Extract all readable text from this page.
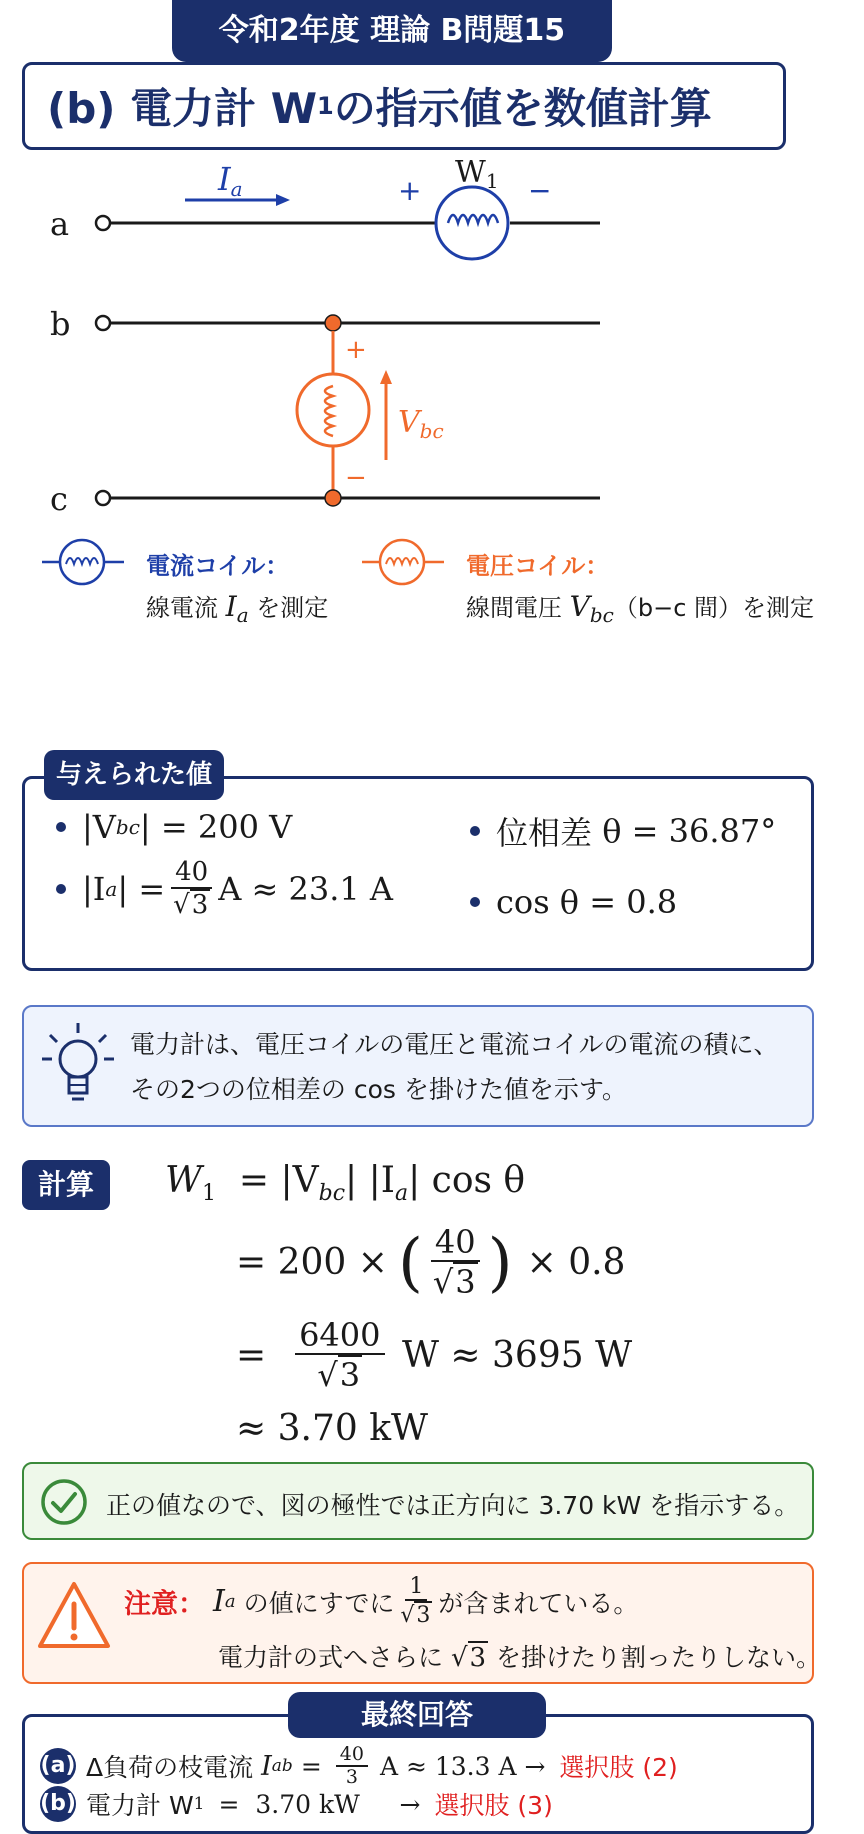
令和2年度 理論 B問題15
(b) 電力計 W 1 の指示値を数値計算
a
Ia	$W_1$
+	−
b
+
−
$V_{bc}$
c
電流コイル：
線電流 $I_a$ を測定
電圧コイル：
線間電圧 $V_{bc}(b-c$ 間）を測定
与えられた値
|V bc | = 200 V
|I a | = $\frac{40}{√ 3}$ A ≈ 23.1 A
位相差
θ = 36.87°
cos θ = 0.8
電力計は、電圧コイルの電圧と電流コイルの電流の積に、
その2つの位相差の cos を掛けた値を示す。
計算	$W_1 = |V_{bc}|$ $|I_a|$ cos θ
= 200 × ( $\frac{40}{√ 3}$ ) × 0.8
=
$\frac{6400}{√ 3}$
W ≈ 3695 W
≈ 3.70 kW
正の値なので、図の極性では正方向に 3.70 kW を指示する。
注意： I a の値にすでに $\frac{1}{√ 3}$ が含まれている。
電力計の式へさらに √ 3 を掛けたり割ったりしない。
最終回答
(a) Δ負荷の枝電流 I ab = $\frac{40}{3}$ A ≈ 13.3 A → 選択肢 (2)
(b) 電力計 W 1 =  3.70 kW     → 選択肢 (3)
